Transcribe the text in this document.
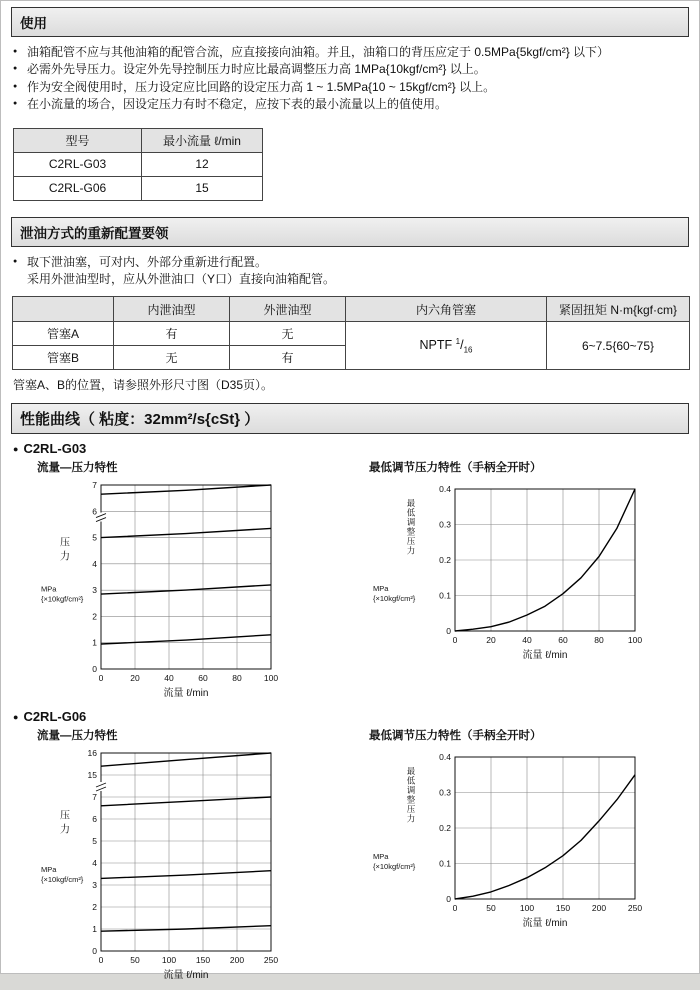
使用
● 油箱配管不应与其他油箱的配管合流，应直接接向油箱。并且，油箱口的背压应定于 0.5MPa{5kgf/cm²} 以下）
● 必需外先导压力。设定外先导控制压力时应比最高调整压力高 1MPa{10kgf/cm²} 以上。
● 作为安全阀使用时，压力设定应比回路的设定压力高 1 ~ 1.5MPa{10 ~ 15kgf/cm²} 以上。
● 在小流量的场合，因设定压力有时不稳定，应按下表的最小流量以上的值使用。
型号	最小流量 ℓ/min
C2RL-G03	12
C2RL-G06	15
泄油方式的重新配置要领
● 取下泄油塞，可对内、外部分重新进行配置。
采用外泄油型时，应从外泄油口（Y口）直接向油箱配管。
	内泄油型	外泄油型	内六角管塞	紧固扭矩 N·m{kgf·cm}
管塞A	有	无	NPTF $^1/_{16}$	6~7.5{60~75}
管塞B	无	有		
管塞A、B的位置，请参照外形尺寸图（D35页）。
性能曲线（ 粘度：32mm²/s{cSt} ）
● C2RL-G03
流量—压力特性
0	20	40	60	80	100
0
1
2
3
4
5
6
7
压
力
MPa
{×10kgf/cm²}
流量 ℓ/min
最低调节压力特性（手柄全开时）
0	20	40	60	80	100
0
0.1
0.2
0.3
0.4
最
低
调
整
压
力
MPa
{×10kgf/cm²}
流量 ℓ/min
● C2RL-G06
流量—压力特性
0	50	100 150 200 250
0
1
2
3
4
5
6
7
15
16
压
力
MPa
{×10kgf/cm²}
流量 ℓ/min
最低调节压力特性（手柄全开时）
0	50	100	150	200	250
0
0.1
0.2
0.3
0.4
最
低
调
整
压
力
MPa
{×10kgf/cm²}
流量 ℓ/min
